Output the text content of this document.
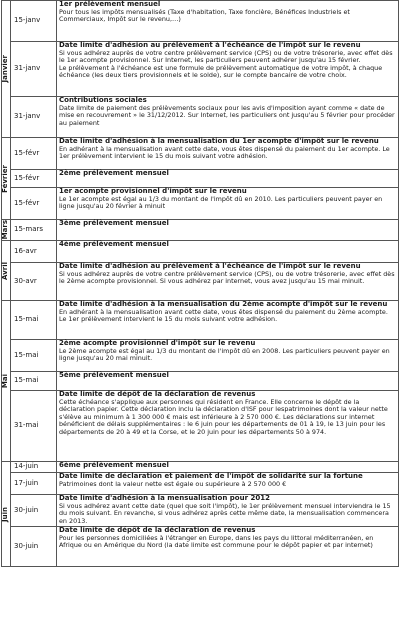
Janvier	15-janv	1er prélèvement mensuel
Pour tous les impôts mensualisés (Taxe d'habitation, Taxe foncière, Bénéfices Industriels et Commerciaux, Impôt sur le revenu,…)

	31-janv	Date limite d'adhésion au prélèvement à l'échéance de l'impôt sur le revenu
Si vous adhérez auprès de votre centre prélèvement service (CPS) ou de votre trésorerie, avec effet dès le 1er acompte provisionnel. Sur Internet, les particuliers peuvent adhérer jusqu'au 15 février.
Le prélèvement à l'échéance est une formule de prélèvement automatique de votre impôt, à chaque échéance (les deux tiers provisionnels et le solde), sur le compte bancaire de votre choix.

	31-janv	Contributions sociales
Date limite de paiement des prélèvements sociaux pour les avis d'imposition ayant comme « date de mise en recouvrement » le 31/12/2012. Sur Internet, les particuliers ont jusqu'au 5 février pour procéder au paiement

Février	15-févr	Date limite d'adhésion à la mensualisation du 1er acompte d'impôt sur le revenu
En adhérant à la mensualisation avant cette date, vous êtes dispensé du paiement du 1er acompte. Le 1er prélèvement intervient le 15 du mois suivant votre adhésion.

	15-févr	2ème prélèvement mensuel

	15-févr	1er acompte provisionnel d'impôt sur le revenu
Le 1er acompte est égal au 1/3 du montant de l'impôt dû en 2010. Les particuliers peuvent payer en ligne jusqu'au 20 février à minuit

Mars	15-mars	3ème prélèvement mensuel

Avril	16-avr	4ème prélèvement mensuel

	30-avr	Date limite d'adhésion au prélèvement à l'échéance de l'impôt sur le revenu
Si vous adhérez auprès de votre centre prélèvement service (CPS), ou de votre trésorerie, avec effet dès le 2ème acompte provisionnel. Si vous adhérez par internet, vous avez jusqu'au 15 mai minuit.

Mai	15-mai	Date limite d'adhésion à la mensualisation du 2ème acompte d'impôt sur le revenu
En adhérant à la mensualisation avant cette date, vous êtes dispensé du paiement du 2ème acompte. Le 1er prélèvement intervient le 15 du mois suivant votre adhésion.

	15-mai	2ème acompte provisionnel d'impôt sur le revenu
Le 2ème acompte est égal au 1/3 du montant de l'impôt dû en 2008. Les particuliers peuvent payer en ligne jusqu'au 20 mai minuit.

	15-mai	5ème prélèvement mensuel

	31-mai	Date limite de dépôt de la déclaration de revenus
Cette échéance s'applique aux personnes qui résident en France. Elle concerne le dépôt de la déclaration papier. Cette déclaration inclu la déclaration d'ISF pour lespatrimoines dont la valeur nette s'élève au minimum à 1 300 000 € mais est inférieure à 2 570 000 €. Les déclarations sur internet bénéficient de délais supplémentaires : le 6 juin pour les départements de 01 à 19, le 13 juin pour les départements de 20 à 49 et la Corse, et le 20 juin pour les départements 50 à 974.

Juin	14-juin	6ème prélèvement mensuel

	17-juin	Date limite de déclaration et paiement de l'impôt de solidarité sur la fortune
Patrimoines dont la valeur nette est égale ou supérieure à 2 570 000 €

	30-juin	Date limite d'adhésion à la mensualisation pour 2012
Si vous adhérez avant cette date (quel que soit l'impôt), le 1er prélèvement mensuel interviendra le 15 du mois suivant. En revanche, si vous adhérez après cette même date, la mensualisation commencera en 2013.

	30-juin	Date limite de dépôt de la déclaration de revenus
Pour les personnes domiciliées à l'étranger en Europe, dans les pays du littoral méditerranéen, en Afrique ou en Amérique du Nord (la date limite est commune pour le dépôt papier et par internet)
